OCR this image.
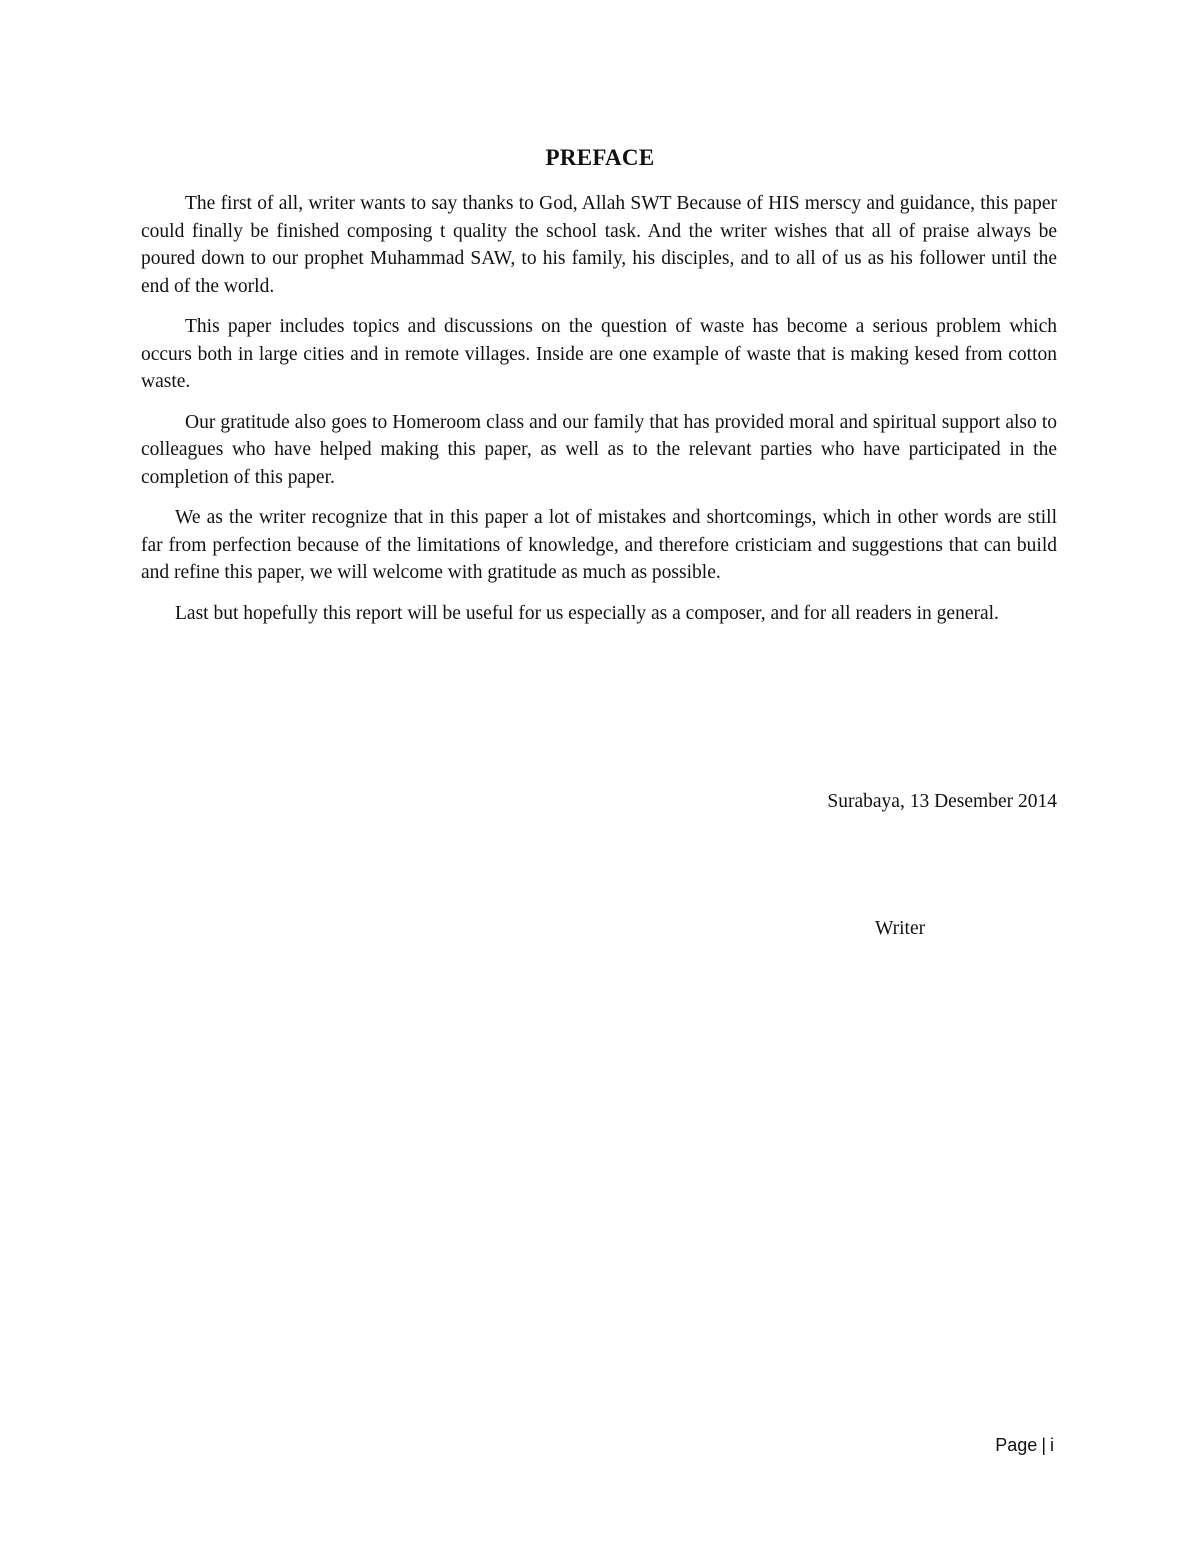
PREFACE

The first of all, writer wants to say thanks to God, Allah SWT Because of HIS merscy and guidance, this paper could finally be finished composing t quality the school task. And the writer wishes that all of praise always be poured down to our prophet Muhammad SAW, to his family, his disciples, and to all of us as his follower until the end of the world.

This paper includes topics and discussions on the question of waste has become a serious problem which occurs both in large cities and in remote villages. Inside are one example of waste that is making kesed from cotton waste.

Our gratitude also goes to Homeroom class and our family that has provided moral and spiritual support also to colleagues who have helped making this paper, as well as to the relevant parties who have participated in the completion of this paper.

We as the writer recognize that in this paper a lot of mistakes and shortcomings, which in other words are still far from perfection because of the limitations of knowledge, and therefore cristiciam and suggestions that can build and refine this paper, we will welcome with gratitude as much as possible.

Last but hopefully this report will be useful for us especially as a composer, and for all readers in general.

Surabaya, 13 Desember 2014
Writer
Page | i
